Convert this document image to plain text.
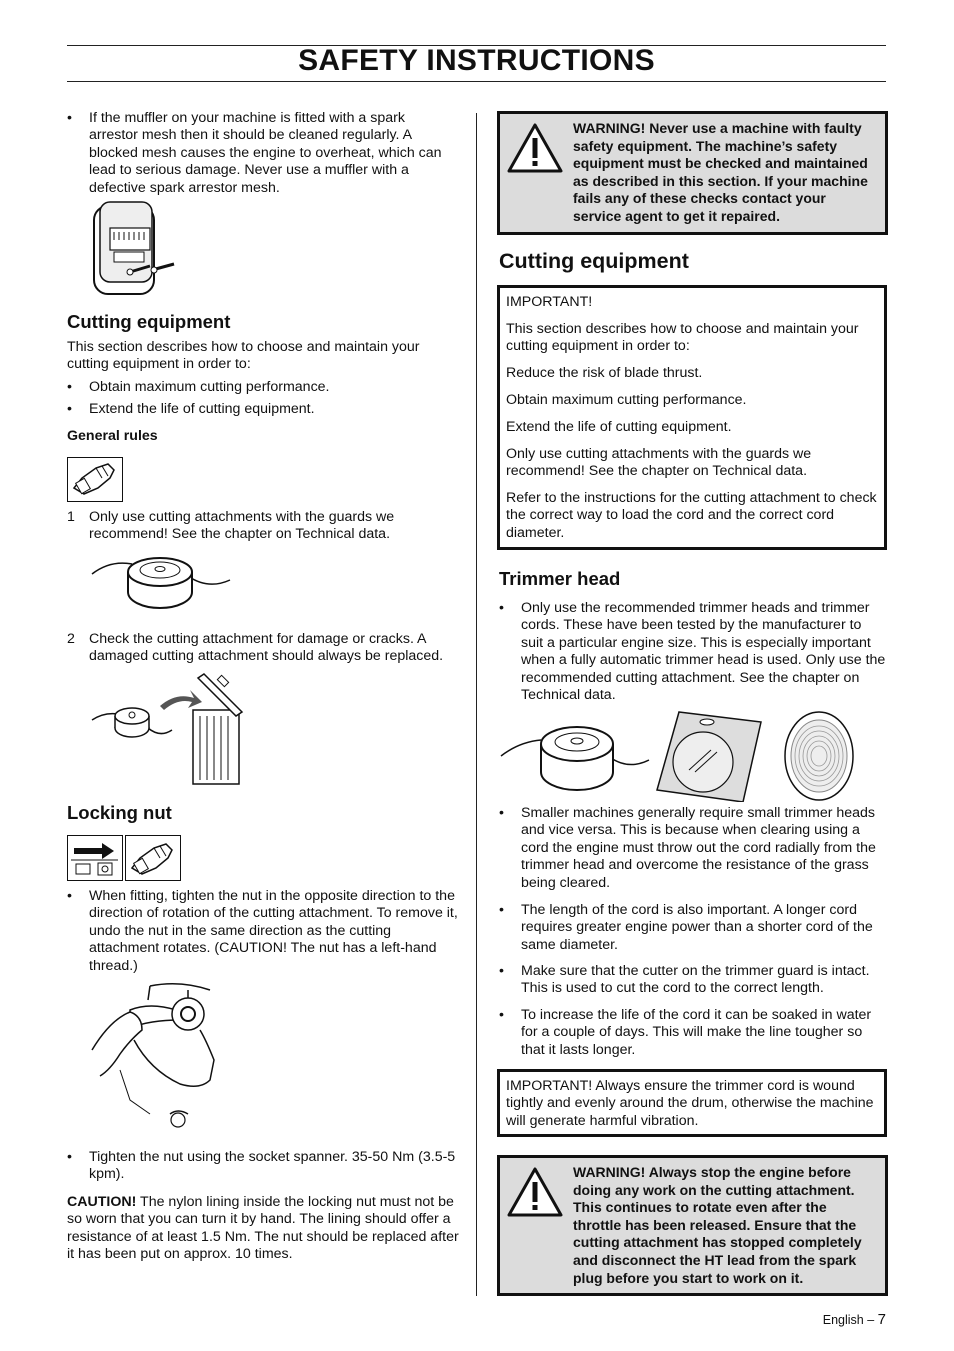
SAFETY INSTRUCTIONS
• If the muffler on your machine is fitted with a spark arrestor mesh then it should be cleaned regularly. A blocked mesh causes the engine to overheat, which can lead to serious damage. Never use a muffler with a defective spark arrestor mesh.
Cutting equipment

This section describes how to choose and maintain your cutting equipment in order to:

• Obtain maximum cutting performance.
• Extend the life of cutting equipment.
General rules
1 Only use cutting attachments with the guards we recommend! See the chapter on Technical data.
2 Check the cutting attachment for damage or cracks. A damaged cutting attachment should always be replaced.
Locking nut
• When fitting, tighten the nut in the opposite direction to the direction of rotation of the cutting attachment. To remove it, undo the nut in the same direction as the cutting attachment rotates. (CAUTION! The nut has a left-hand thread.)
• Tighten the nut using the socket spanner. 35-50 Nm (3.5-5 kpm).

CAUTION! The nylon lining inside the locking nut must not be so worn that you can turn it by hand. The lining should offer a resistance of at least 1.5 Nm. The nut should be replaced after it has been put on approx. 10 times.

WARNING! Never use a machine with faulty safety equipment. The machine’s safety equipment must be checked and maintained as described in this section. If your machine fails any of these checks contact your service agent to get it repaired.
Cutting equipment

IMPORTANT!

This section describes how to choose and maintain your cutting equipment in order to:

Reduce the risk of blade thrust.

Obtain maximum cutting performance.

Extend the life of cutting equipment.

Only use cutting attachments with the guards we recommend! See the chapter on Technical data.

Refer to the instructions for the cutting attachment to check the correct way to load the cord and the correct cord diameter.

Trimmer head
• Only use the recommended trimmer heads and trimmer cords. These have been tested by the manufacturer to suit a particular engine size. This is especially important when a fully automatic trimmer head is used. Only use the recommended cutting attachment. See the chapter on Technical data.
• Smaller machines generally require small trimmer heads and vice versa. This is because when clearing using a cord the engine must throw out the cord radially from the trimmer head and overcome the resistance of the grass being cleared.
• The length of the cord is also important. A longer cord requires greater engine power than a shorter cord of the same diameter.
• Make sure that the cutter on the trimmer guard is intact. This is used to cut the cord to the correct length.
• To increase the life of the cord it can be soaked in water for a couple of days. This will make the line tougher so that it lasts longer.

IMPORTANT! Always ensure the trimmer cord is wound tightly and evenly around the drum, otherwise the machine will generate harmful vibration.

WARNING! Always stop the engine before doing any work on the cutting attachment. This continues to rotate even after the throttle has been released. Ensure that the cutting attachment has stopped completely and disconnect the HT lead from the spark plug before you start to work on it.
English – 7
